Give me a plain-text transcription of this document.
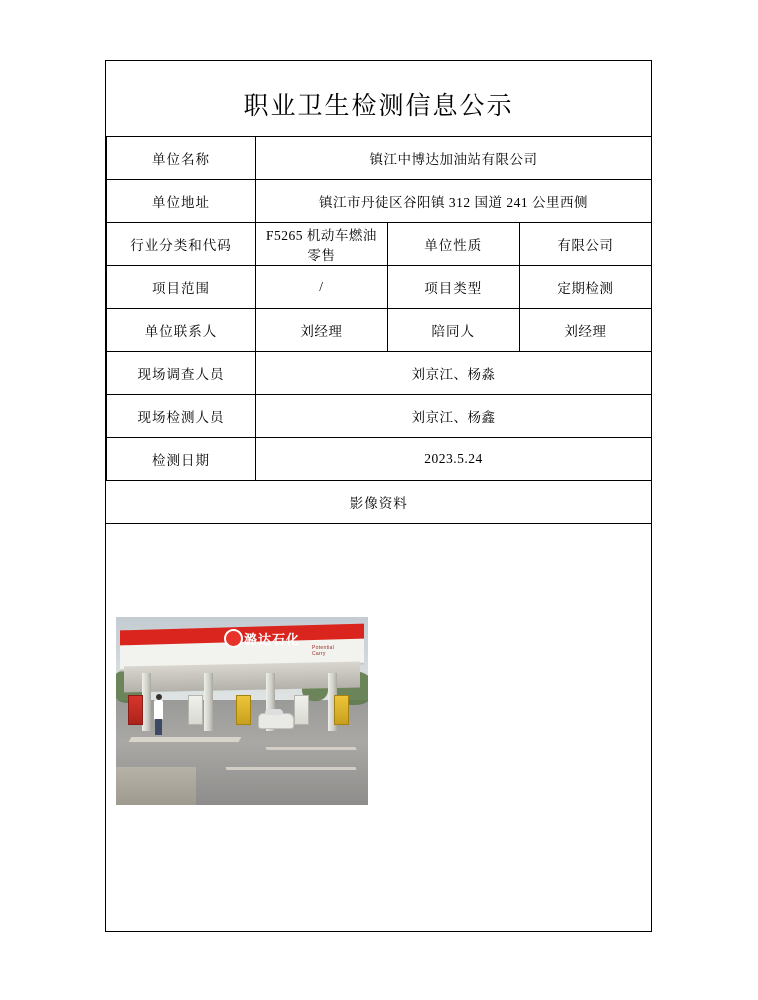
职业卫生检测信息公示
单位名称	镇江中博达加油站有限公司		
单位地址	镇江市丹徒区谷阳镇 312 国道 241 公里西侧		
行业分类和代码	F5265 机动车燃油零售	单位性质	有限公司
项目范围	/	项目类型	定期检测
单位联系人	刘经理	陪同人	刘经理
现场调查人员	刘京江、杨淼		
现场检测人员	刘京江、杨鑫		
检测日期	2023.5.24		
影像资料			
潞达石化
Potential
Carry
